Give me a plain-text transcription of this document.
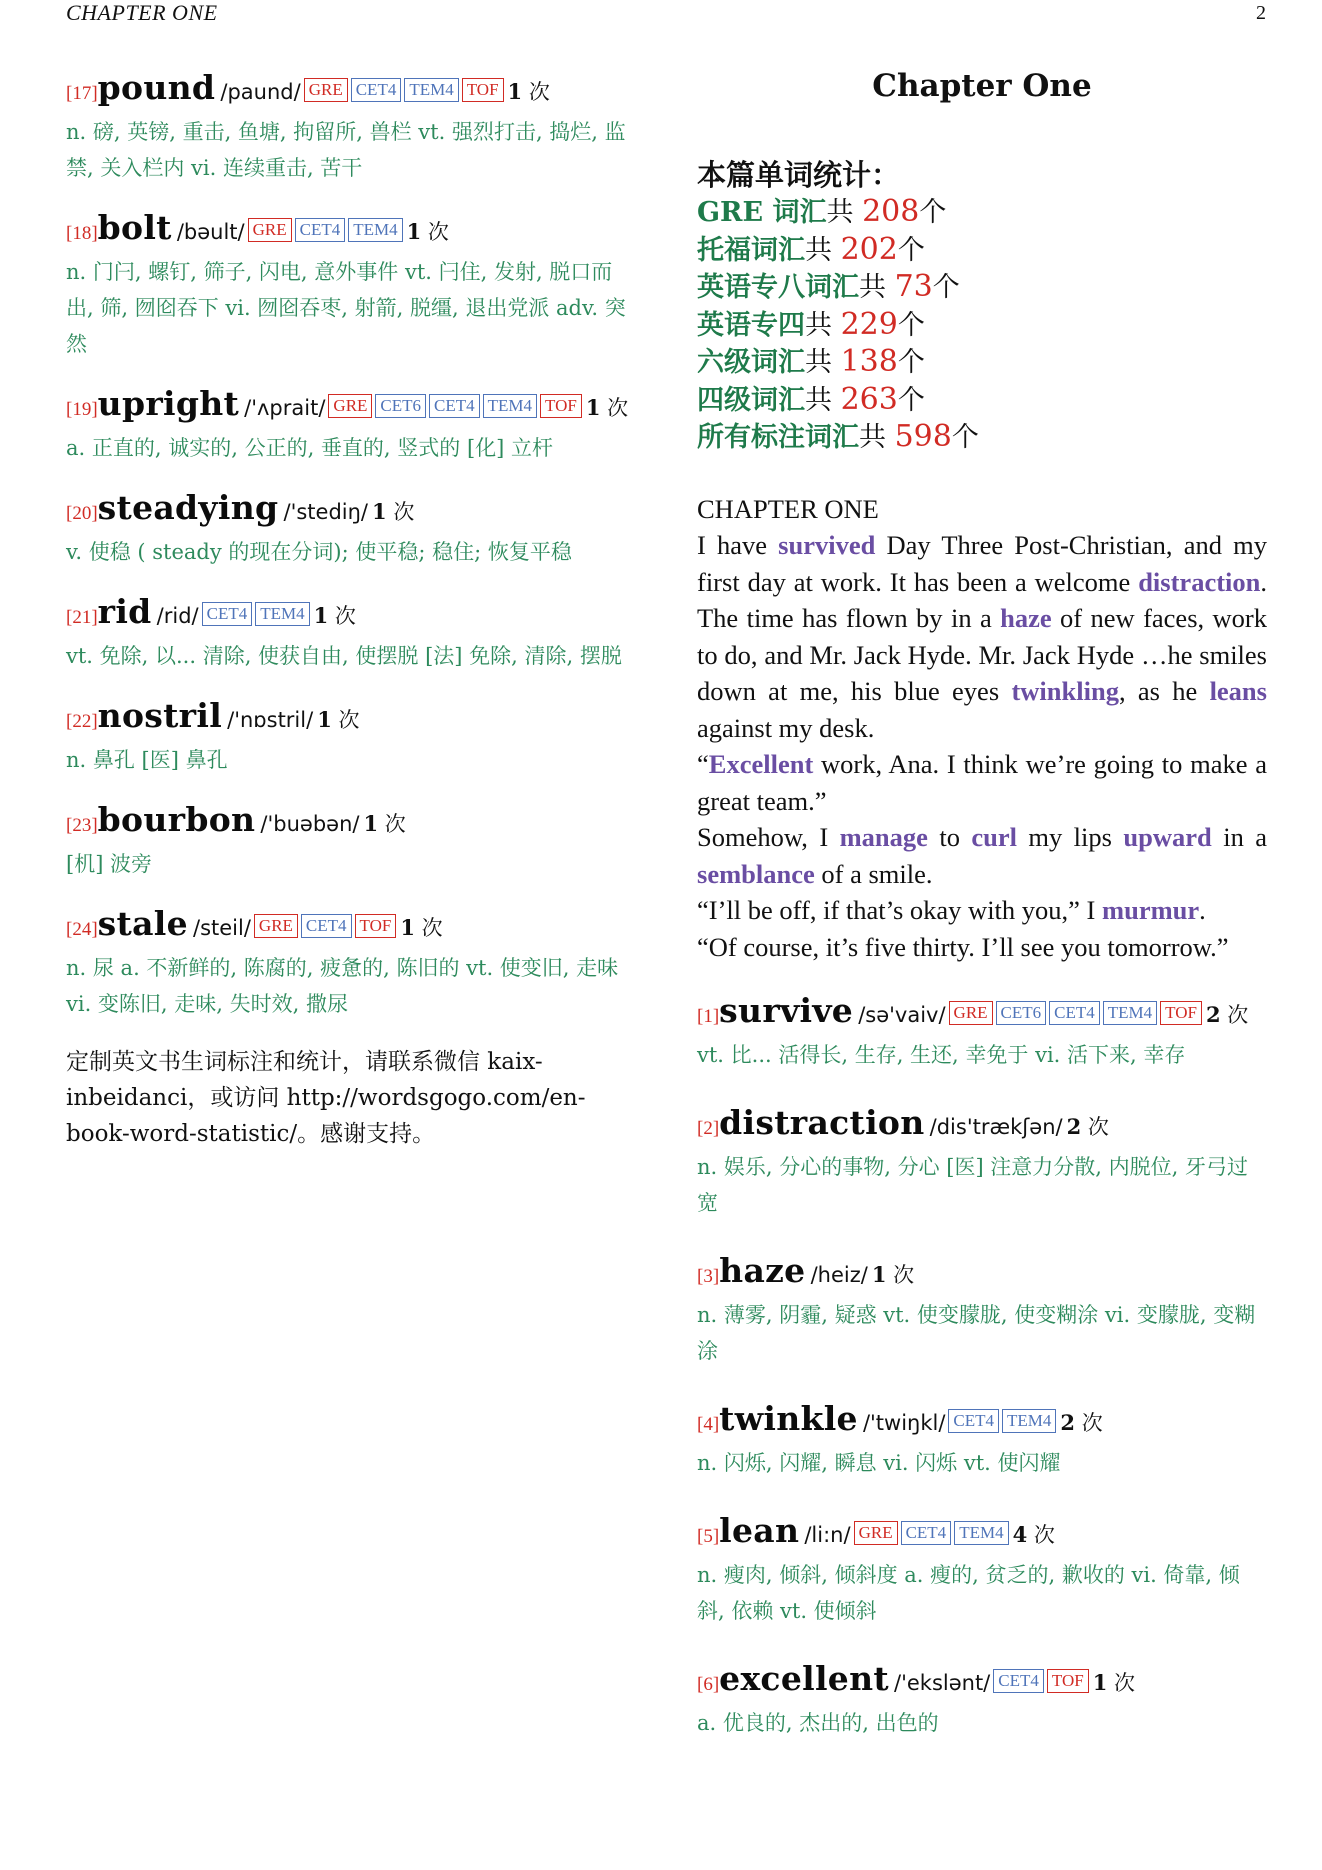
CHAPTER ONE	2
[17]pound /paund/ GRE CET4 TEM4 TOF 1 次
n. 磅, 英镑, 重击, 鱼塘, 拘留所, 兽栏 vt. 强烈打击, 捣烂, 监禁, 关入栏内 vi. 连续重击, 苦干
[18]bolt /bəult/ GRE CET4 TEM4 1 次
n. 门闩, 螺钉, 筛子, 闪电, 意外事件 vt. 闩住, 发射, 脱口而出, 筛, 囫囵吞下 vi. 囫囵吞枣, 射箭, 脱缰, 退出党派 adv. 突然
[19]upright /'ʌprait/ GRE CET6 CET4 TEM4 TOF 1 次
a. 正直的, 诚实的, 公正的, 垂直的, 竖式的 [化] 立杆
[20]steadying /'stediŋ/ 1 次
v. 使稳 ( steady 的现在分词); 使平稳; 稳住; 恢复平稳
[21]rid /rid/ CET4 TEM4 1 次
vt. 免除, 以... 清除, 使获自由, 使摆脱 [法] 免除, 清除, 摆脱
[22]nostril /'nɒstril/ 1 次
n. 鼻孔 [医] 鼻孔
[23]bourbon /'buəbən/ 1 次
[机] 波旁
[24]stale /steil/ GRE CET4 TOF 1 次
n. 尿 a. 不新鲜的, 陈腐的, 疲惫的, 陈旧的 vt. 使变旧, 走味 vi. 变陈旧, 走味, 失时效, 撒尿
定制英文书生词标注和统计，请联系微信 kaix-inbeidanci，或访问 http://wordsgogo.com/en-book-word-statistic/。感谢支持。
Chapter One
本篇单词统计：
GRE 词汇共 208个
托福词汇共 202个
英语专八词汇共 73个
英语专四共 229个
六级词汇共 138个
四级词汇共 263个
所有标注词汇共 598个

CHAPTER ONE

I have survived Day Three Post-Christian, and my first day at work. It has been a welcome distraction. The time has flown by in a haze of new faces, work to do, and Mr. Jack Hyde. Mr. Jack Hyde …he smiles down at me, his blue eyes twinkling, as he leans against my desk.

“Excellent work, Ana. I think we’re going to make a great team.”

Somehow, I manage to curl my lips upward in a semblance of a smile.

“I’ll be off, if that’s okay with you,” I murmur.

“Of course, it’s five thirty. I’ll see you tomorrow.”

[1]survive /sə'vaiv/ GRE CET6 CET4 TEM4 TOF 2 次
vt. 比... 活得长, 生存, 生还, 幸免于 vi. 活下来, 幸存
[2]distraction /dis'trækʃən/ 2 次
n. 娱乐, 分心的事物, 分心 [医] 注意力分散, 内脱位, 牙弓过宽
[3]haze /heiz/ 1 次
n. 薄雾, 阴霾, 疑惑 vt. 使变朦胧, 使变糊涂 vi. 变朦胧, 变糊涂
[4]twinkle /'twiŋkl/ CET4 TEM4 2 次
n. 闪烁, 闪耀, 瞬息 vi. 闪烁 vt. 使闪耀
[5]lean /li:n/ GRE CET4 TEM4 4 次
n. 瘦肉, 倾斜, 倾斜度 a. 瘦的, 贫乏的, 歉收的 vi. 倚靠, 倾斜, 依赖 vt. 使倾斜
[6]excellent /'ekslənt/ CET4 TOF 1 次
a. 优良的, 杰出的, 出色的
